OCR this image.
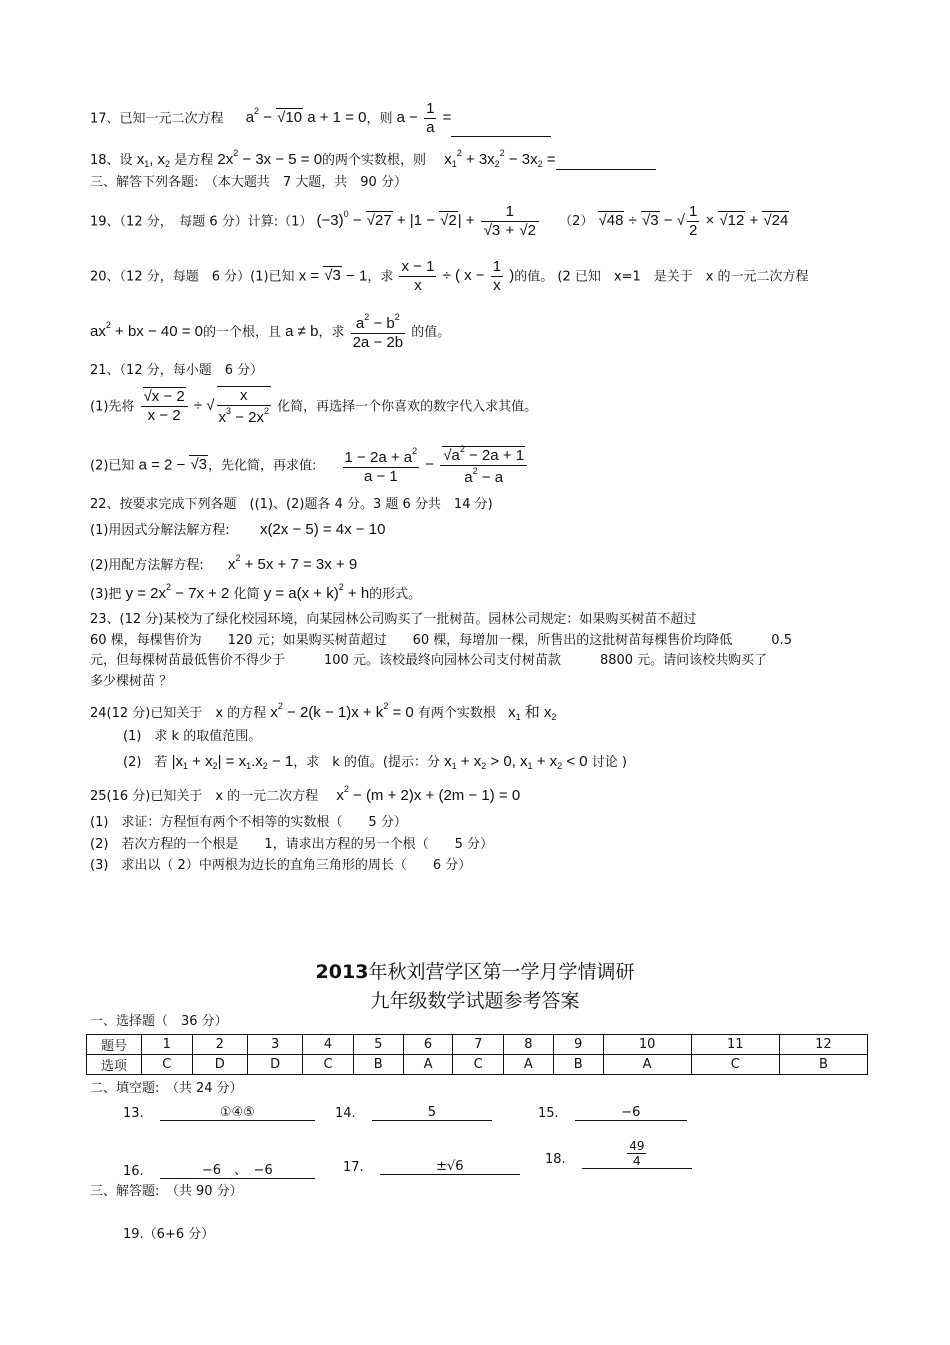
17、已知一元二次方程 $a^2 - √10$ a + 1 = 0，则 $a - \frac{1}{a}$ =
18、设 $x_1$, $x_2$ 是方程 $2x^2 - 3x - 5 = 0$的两个实数根，则 $x_1^2 + 3x_2^2 - 3x_2$ =
三、解答下列各题:　（本大题共　7 大题，共　90 分）
19、（12 分，　每题 6 分）计算:（1） $(-3)^0 - √27 + |1 - √2| + \frac{1}{√3 + √2} (2) √48 \div √3$ − √ $\frac{1}{2} \times √12 + √24$
20、（12 分，每题　6 分）(1)已知 x = √3 − 1，求 $\frac{x - 1}{x}$ ÷ ( $x - \frac{1}{x}$ )的值。 (2 已知　x=1　是关于　x 的一元二次方程
$ax^2$ + bx − 40 = 0的一个根，且 a ≠ b，求 $\frac{a^2 - b^2}{2a - 2b}$ 的值。
21、（12 分，每小题　6 分）
(1)先将 $\frac{√x - 2}{x - 2}$ ÷ √ $\frac{x}{x^3 - 2x^2}$ 化简，再选择一个你喜欢的数字代入求其值。
(2)已知 a = 2 − √3，先化简，再求值: $\frac{1 - 2a + a^2}{a - 1} - \frac{√a^2 - 2a + 1}{a^2 - a}$
22、按要求完成下列各题　((1)、(2)题各 4 分。3 题 6 分共　14 分)
(1)用因式分解法解方程: x(2x − 5) = 4x − 10
(2)用配方法解方程: $x^2 + 5x + 7 = 3x + 9$
(3)把 $y = 2x^2 - 7x + 2$ 化简 $y = a(x + k)^2 + h$的形式。
23、(12 分)某校为了绿化校园环境，向某园林公司购买了一批树苗。园林公司规定：如果购买树苗不超过
60 棵，每棵售价为　　120 元；如果购买树苗超过　　60 棵，每增加一棵，所售出的这批树苗每棵售价均降低　　　0.5
元，但每棵树苗最低售价不得少于　　　100 元。该校最终向园林公司支付树苗款　　　8800 元。请问该校共购买了
多少棵树苗 ？
24(12 分)已知关于　x 的方程 $x^2 - 2(k - 1)x + k^2 = 0$ 有两个实数根 $x_1$ 和 $x_2$
(1)　求 k 的取值范围。
(2)　若 $|x_1 + x_2| = x_1.x_2 - 1$，求　k 的值。(提示：分 $x_1 + x_2 > 0$, $x_1 + x_2 < 0$ 讨论 )
25(16 分)已知关于　x 的一元二次方程 $x^2 - (m + 2)x + (2m - 1) = 0$
(1)　求证：方程恒有两个不相等的实数根（　　5 分）
(2)　若次方程的一个根是　　1，请求出方程的另一个根（　　5 分）
(3)　求出以（ 2）中两根为边长的直角三角形的周长（　　6 分）
2013年秋刘营学区第一学月学情调研
九年级数学试题参考答案
一、选择题（　36 分）
题号	1	2	3	4	5	6	7	8	9	10	11	12
选项	C	D	D	C	B	A	C	A	B	A	C	B
二、填空题:　（共 24 分）
13.	①④⑤	14.	5	15.	−6
16.	−6　、　−6	17.	±√6	18.	$\frac{49}{4}$
三、解答题:　（共 90 分）
19.（6+6 分）
